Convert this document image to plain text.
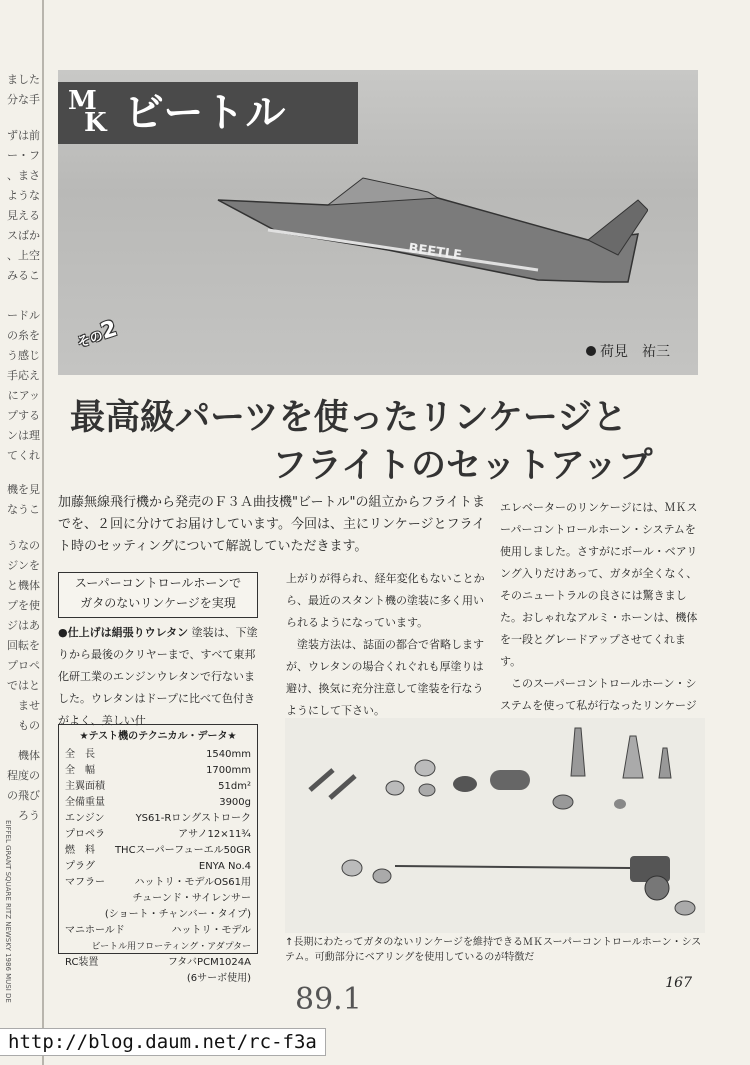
ました
分な手
ずは前
ー・フ
、まさ
ような
見える
スばか
、上空
みるこ
ードル
の糸を
う感じ
手応え
にアッ
プする
ンは理
てくれ
機を見
なうこ
うなの
ジンを
と機体
プを使
ジはあ
回転を
プロペ
ではと
ませ
もの
機体
程度の
の飛び
ろう
EIFFEL GRANT SQUARE RITZ NEWSKY 1986 MUSI DE
BEETLE
M
K ビートル
その2
荷見　祐三
最高級パーツを使ったリンケージと
フライトのセットアップ
加藤無線飛行機から発売のＦ３Ａ曲技機"ビートル"の組立からフライトまでを、２回に分けてお届けしています。今回は、主にリンケージとフライト時のセッティングについて解説していただきます。
スーパーコントロールホーンで
ガタのないリンケージを実現
●仕上げは絹張りウレタン 塗装は、下塗りから最後のクリヤーまで、すべて東邦化研工業のエンジンウレタンで行ないました。ウレタンはドープに比べて色付きがよく、美しい仕
★テスト機のテクニカル・データ★
全　長	1540mm
全　幅	1700mm
主翼面積	51dm²
全備重量	3900g
エンジン	YS61-Rロングストローク
プロペラ	アサノ12×11¾
燃　料	THCスーパーフューエル50GR
プラグ	ENYA No.4
マフラー	ハットリ・モデルOS61用
チューンド・サイレンサー
(ショート・チャンバー・タイプ)
マニホールド	ハットリ・モデル
ビートル用フローティング・アダプター
RC装置	フタバPCM1024A
(6サーボ使用)
上がりが得られ、経年変化もないことから、最近のスタント機の塗装に多く用いられるようになっています。
塗装方法は、誌面の都合で省略しますが、ウレタンの場合くれぐれも厚塗りは避け、換気に充分注意して塗装を行なうようにして下さい。

エレベーターのリンケージには、ＭＫスーパーコントロールホーン・システムを使用しました。さすがにボール・ベアリング入りだけあって、ガタが全くなく、そのニュートラルの良さには驚きました。おしゃれなアルミ・ホーンは、機体を一段とグレードアップさせてくれます。
このスーパーコントロールホーン・システムを使って私が行なったリンケージ
↑長期にわたってガタのないリンケージを維持できるＭＫスーパーコントロールホーン・システム。可動部分にベアリングを使用しているのが特徴だ
89.1	167
http://blog.daum.net/rc-f3a
